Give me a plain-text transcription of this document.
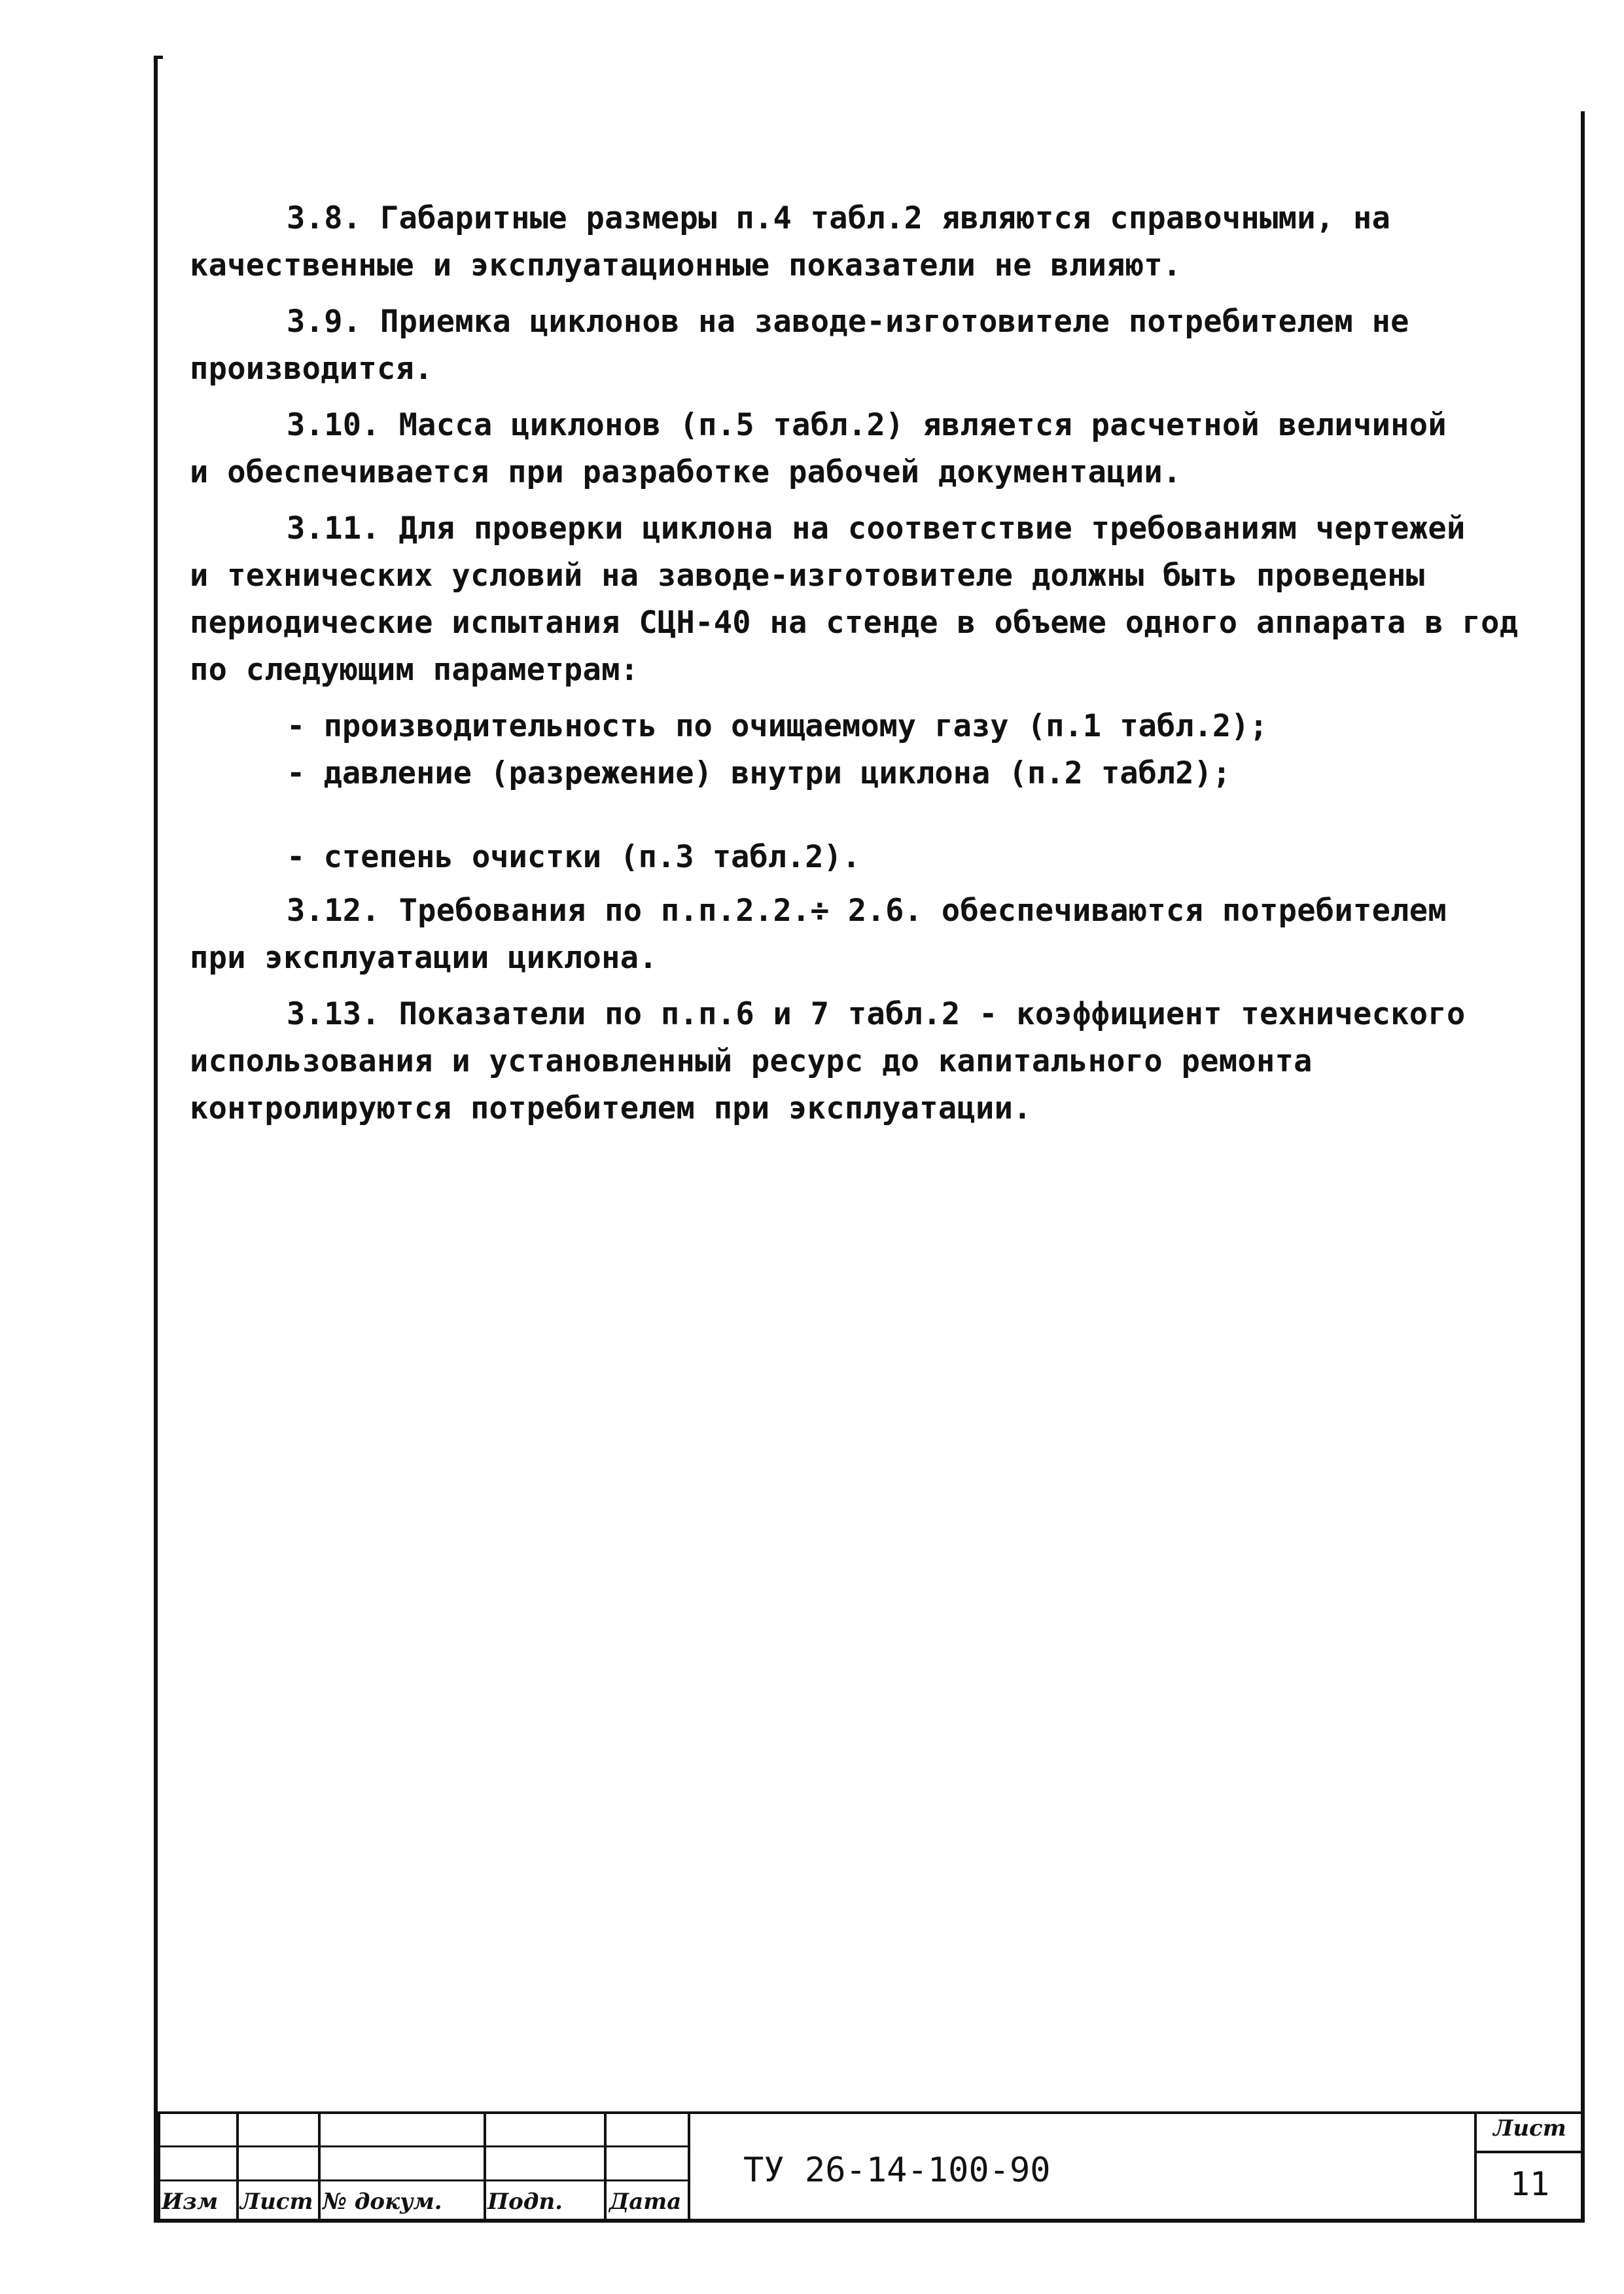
3.8. Габаритные размеры п.4 табл.2 являются справочными, на
качественные и эксплуатационные показатели не влияют.

3.9. Приемка циклонов на заводе-изготовителе потребителем не
производится.

3.10. Масса циклонов (п.5 табл.2) является расчетной величиной
и обеспечивается при разработке рабочей документации.

3.11. Для проверки циклона на соответствие требованиям чертежей
и технических условий на заводе-изготовителе должны быть проведены периодические испытания СЦН-40 на стенде в объеме одного аппарата в год по следующим параметрам:

- производительность по очищаемому газу (п.1 табл.2);
- давление (разрежение) внутри циклона (п.2 табл2);
- степень очистки (п.3 табл.2).

3.12. Требования по п.п.2.2.÷ 2.6. обеспечиваются потребителем
при эксплуатации циклона.

3.13. Показатели по п.п.6 и 7 табл.2 - коэффициент технического
использования и установленный ресурс до капитального ремонта контролируются потребителем при эксплуатации.

Изм Лист № докум. Подп. Дата
ТУ 26-14-100-90
Лист
11
